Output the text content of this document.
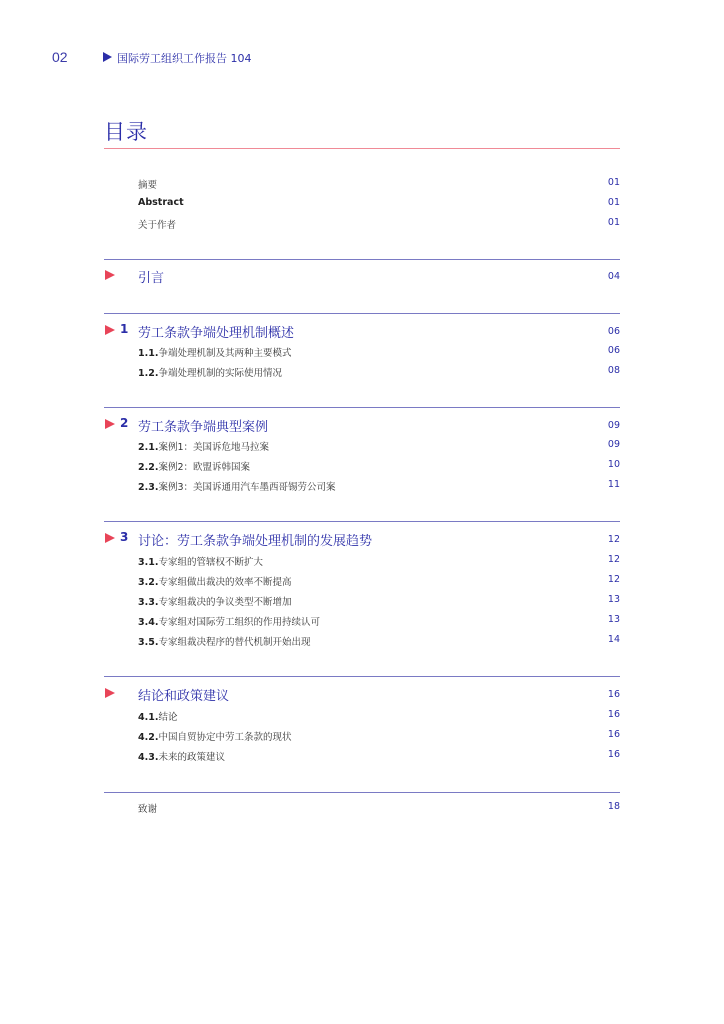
02	国际劳工组织工作报告 104
目录
摘要	01
Abstract	01
关于作者	01
引言	04
1 劳工条款争端处理机制概述	06
1.1.争端处理机制及其两种主要模式	06
1.2.争端处理机制的实际使用情况	08
2 劳工条款争端典型案例	09
2.1.案例1：美国诉危地马拉案	09
2.2.案例2：欧盟诉韩国案	10
2.3.案例3：美国诉通用汽车墨西哥锡劳公司案	11
3 讨论：劳工条款争端处理机制的发展趋势	12
3.1.专家组的管辖权不断扩大	12
3.2.专家组做出裁决的效率不断提高	12
3.3.专家组裁决的争议类型不断增加	13
3.4.专家组对国际劳工组织的作用持续认可	13
3.5.专家组裁决程序的替代机制开始出现	14
结论和政策建议	16
4.1.结论	16
4.2.中国自贸协定中劳工条款的现状	16
4.3.未来的政策建议	16
致谢	18
